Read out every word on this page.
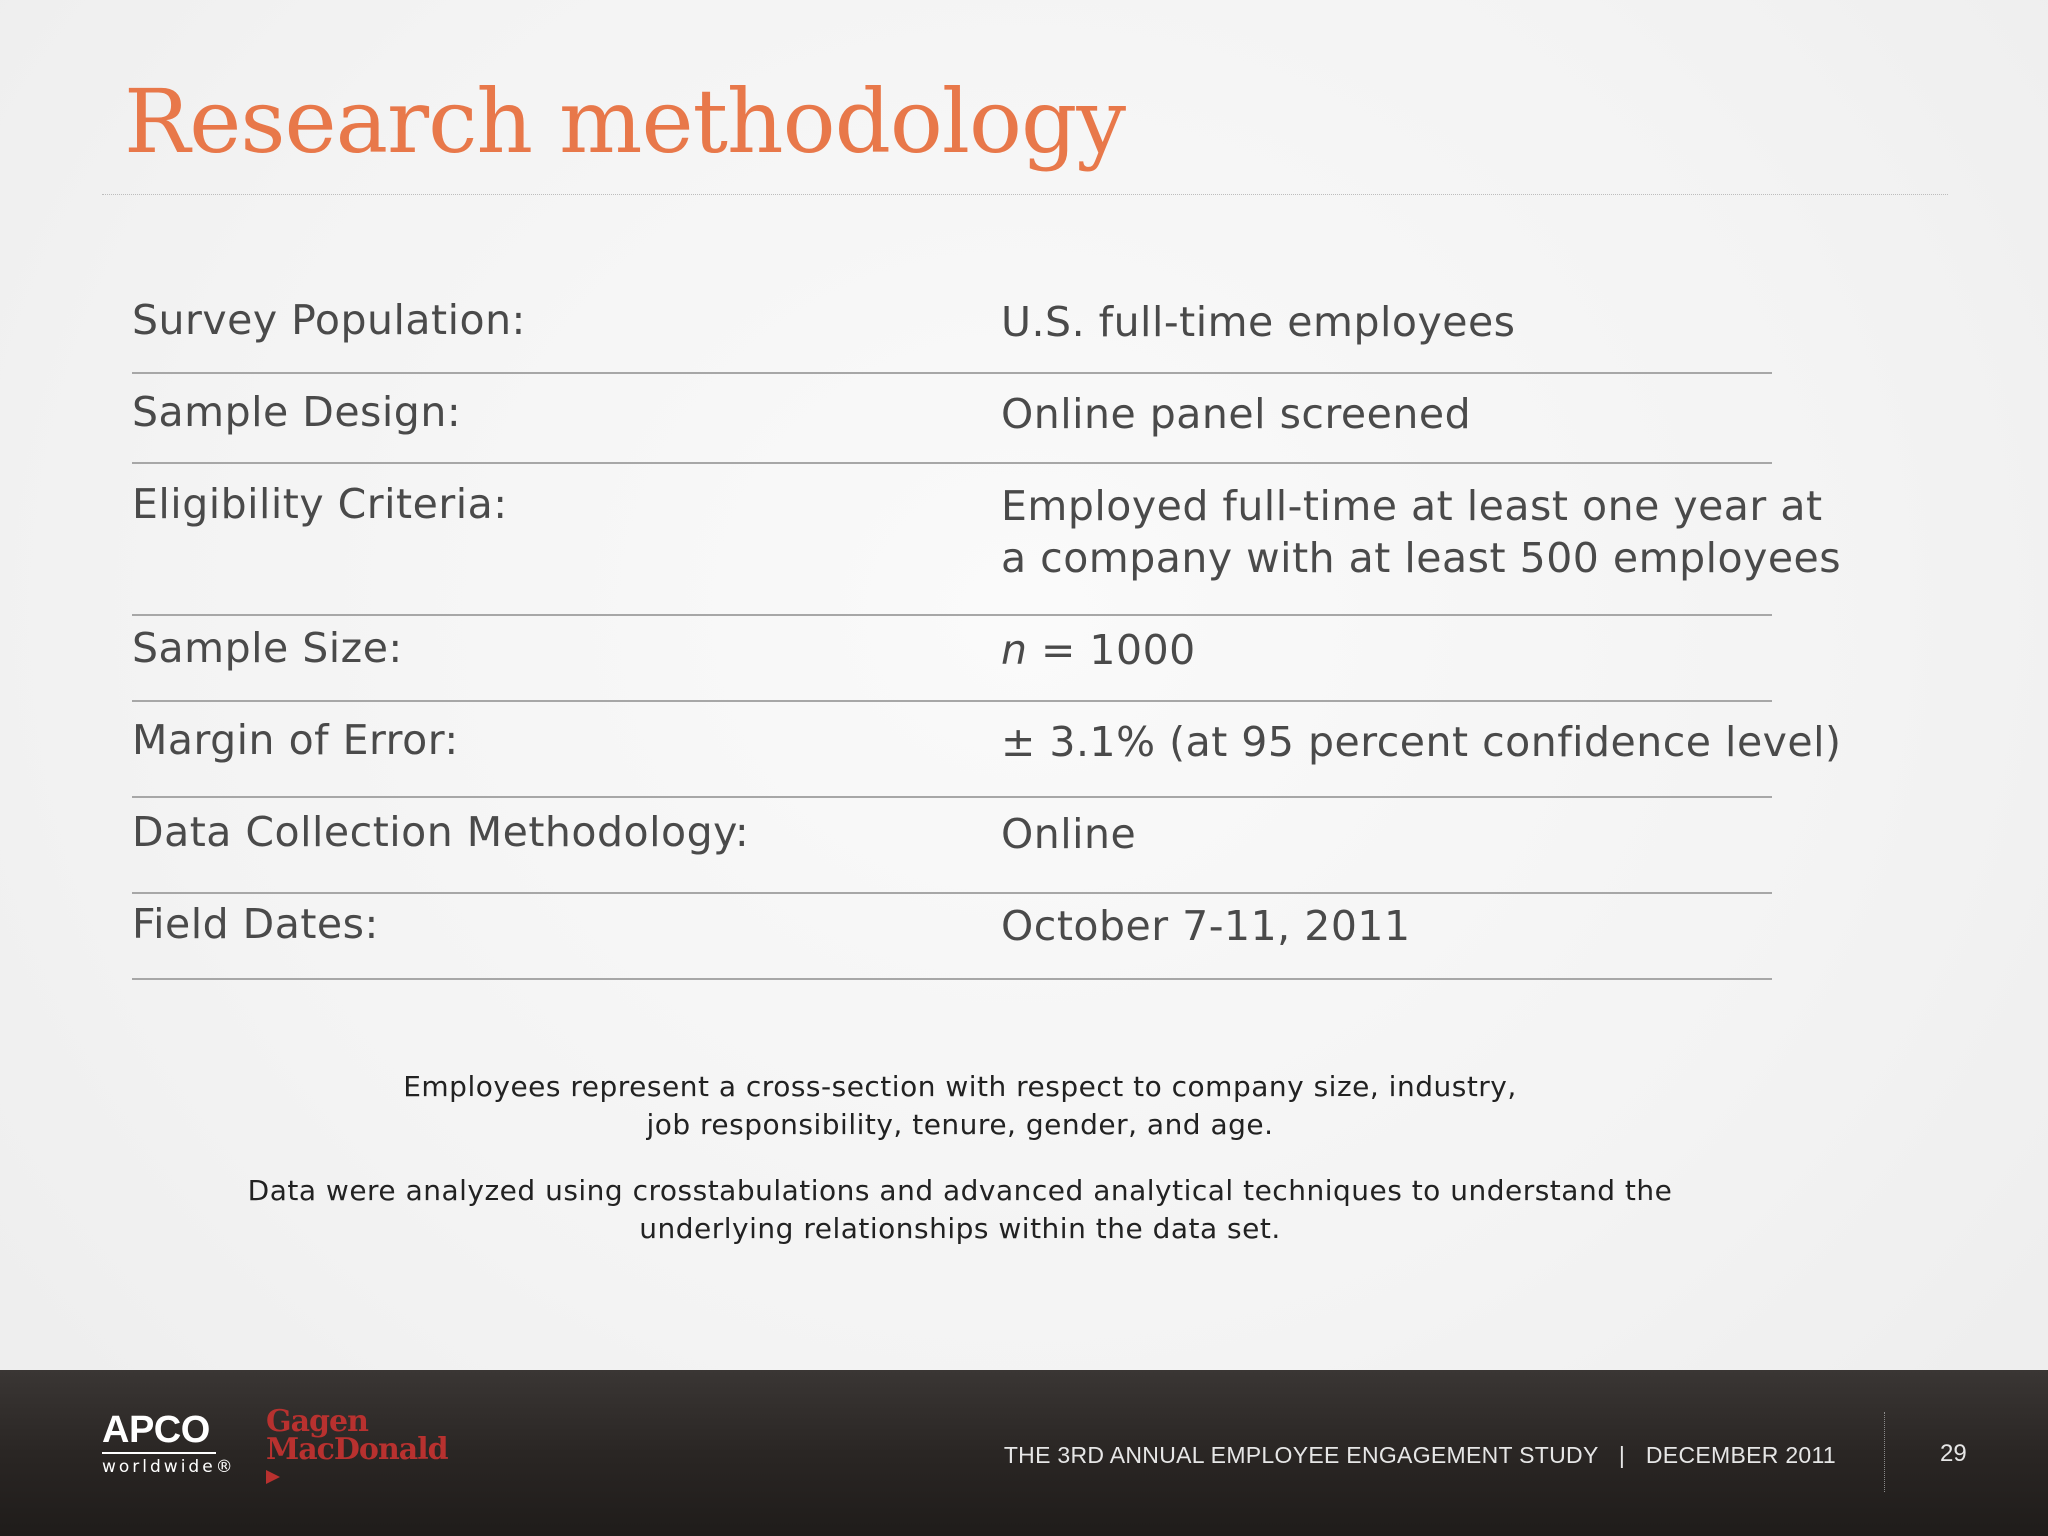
Research methodology
Survey Population:	U.S. full-time employees
Sample Design:	Online panel screened
Eligibility Criteria:	Employed full-time at least one year at
a company with at least 500 employees
Sample Size:	n = 1000
Margin of Error:	± 3.1% (at 95 percent confidence level)
Data Collection Methodology:	Online
Field Dates:	October 7-11, 2011

Employees represent a cross-section with respect to company size, industry,
job responsibility, tenure, gender, and age.

Data were analyzed using crosstabulations and advanced analytical techniques to understand the
underlying relationships within the data set.

APCO
worldwide®
Gagen
MacDonald	THE 3RD ANNUAL EMPLOYEE ENGAGEMENT STUDY | DECEMBER 2011	29
